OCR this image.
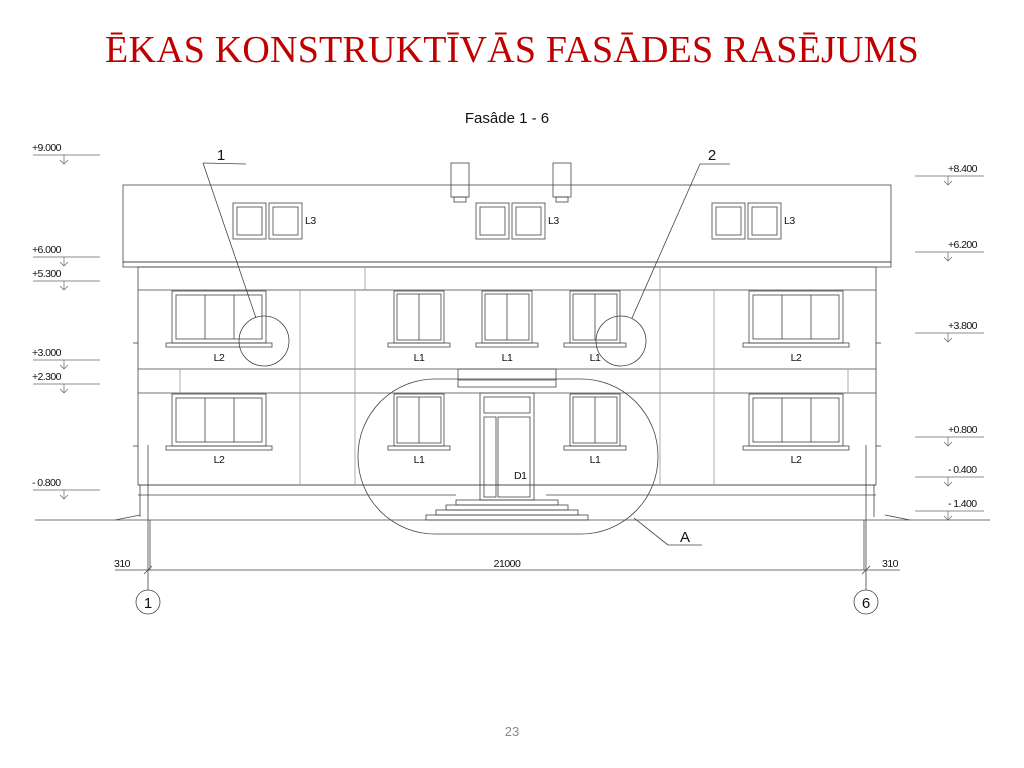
ĒKAS KONSTRUKTĪVĀS FASĀDES RASĒJUMS
Fasâde 1 - 6
1	2
A
+9.000
+6.000
+5.300
+3.000
+2.300
- 0.800
+8.400
+6.200
+3.800
+0.800
- 0.400
- 1.400
L3	L3	L3
L2	L1	L1	L1	L2
L2	L1	L1	L2
D1
310	21000	310
1	6
23
